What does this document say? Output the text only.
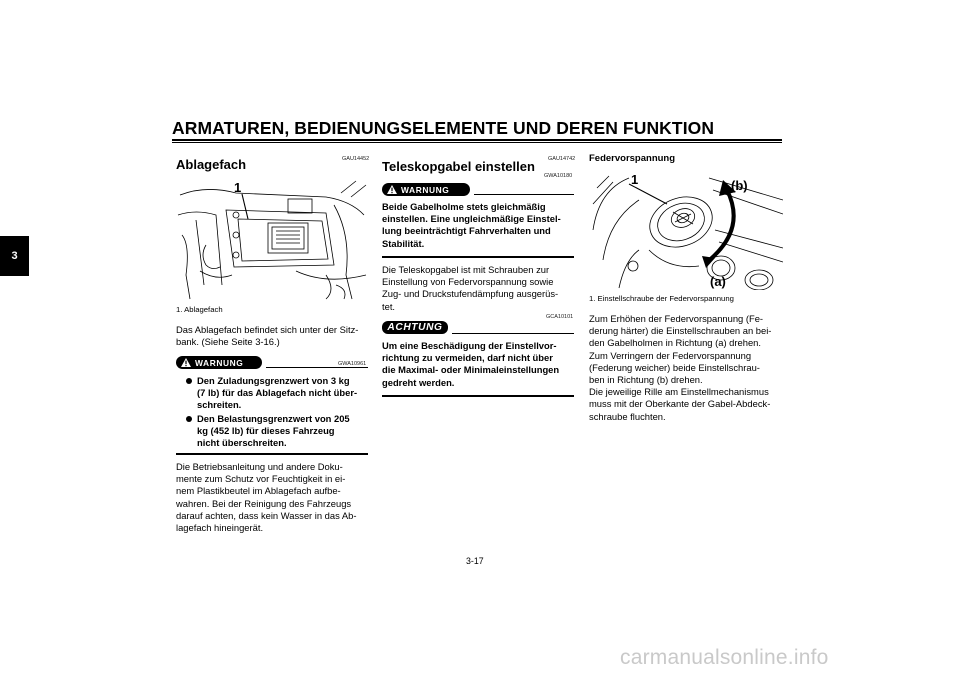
ARMATUREN, BEDIENUNGSELEMENTE UND DEREN FUNKTION
3
GAU14452
Ablagefach
1
1. Ablagefach
Das Ablagefach befindet sich unter der Sitz-
bank. (Siehe Seite 3-16.)
WARNUNG	GWA10961
Den Zuladungsgrenzwert von 3 kg
(7 lb) für das Ablagefach nicht über-
schreiten.
Den Belastungsgrenzwert von 205
kg (452 lb) für dieses Fahrzeug
nicht überschreiten.
Die Betriebsanleitung und andere Doku-
mente zum Schutz vor Feuchtigkeit in ei-
nem Plastikbeutel im Ablagefach aufbe-
wahren. Bei der Reinigung des Fahrzeugs
darauf achten, dass kein Wasser in das Ab-
lagefach hineingerät.
GAU14742
Teleskopgabel einstellen
WARNUNG
GWA10180
Beide Gabelholme stets gleichmäßig
einstellen. Eine ungleichmäßige Einstel-
lung beeinträchtigt Fahrverhalten und
Stabilität.
Die Teleskopgabel ist mit Schrauben zur
Einstellung von Federvorspannung sowie
Zug- und Druckstufendämpfung ausgerüs-
tet.
ACHTUNG
GCA10101
Um eine Beschädigung der Einstellvor-
richtung zu vermeiden, darf nicht über
die Maximal- oder Minimaleinstellungen
gedreht werden.
Federvorspannung
1	(b)
(a)
1. Einstellschraube der Federvorspannung
Zum Erhöhen der Federvorspannung (Fe-
derung härter) die Einstellschrauben an bei-
den Gabelholmen in Richtung (a) drehen.
Zum Verringern der Federvorspannung
(Federung weicher) beide Einstellschrau-
ben in Richtung (b) drehen.
Die jeweilige Rille am Einstellmechanismus
muss mit der Oberkante der Gabel-Abdeck-
schraube fluchten.
3-17
carmanualsonline.info
